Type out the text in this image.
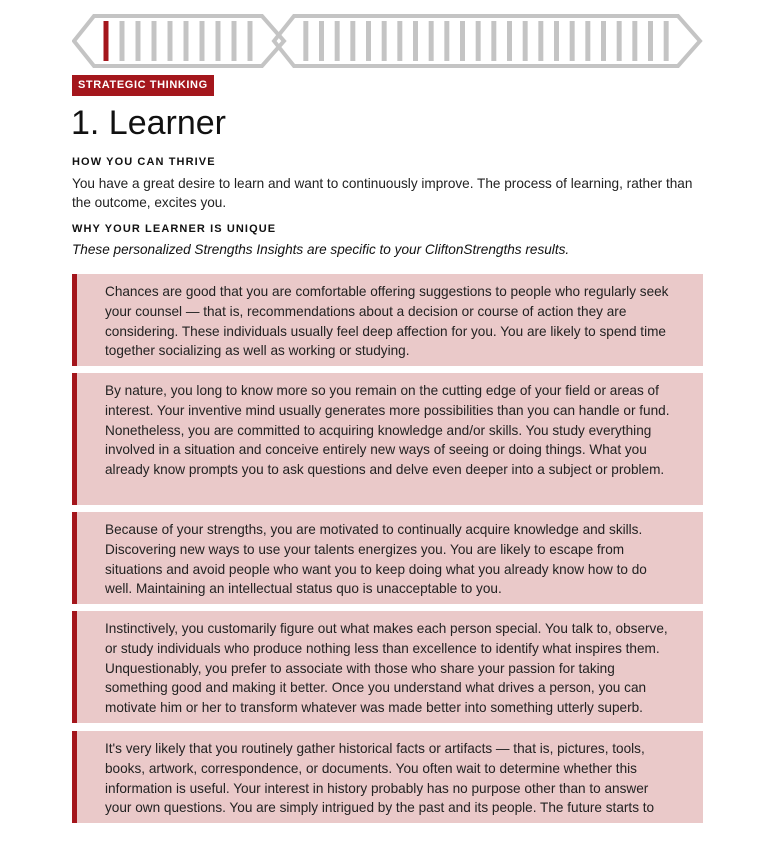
STRATEGIC THINKING
1. Learner
HOW YOU CAN THRIVE
You have a great desire to learn and want to continuously improve. The process of learning, rather than the outcome, excites you.
WHY YOUR LEARNER IS UNIQUE
These personalized Strengths Insights are specific to your CliftonStrengths results.

Chances are good that you are comfortable offering suggestions to people who regularly seek your counsel — that is, recommendations about a decision or course of action they are considering. These individuals usually feel deep affection for you. You are likely to spend time together socializing as well as working or studying.

By nature, you long to know more so you remain on the cutting edge of your field or areas of interest. Your inventive mind usually generates more possibilities than you can handle or fund. Nonetheless, you are committed to acquiring knowledge and/or skills. You study everything involved in a situation and conceive entirely new ways of seeing or doing things. What you already know prompts you to ask questions and delve even deeper into a subject or problem.

Because of your strengths, you are motivated to continually acquire knowledge and skills. Discovering new ways to use your talents energizes you. You are likely to escape from situations and avoid people who want you to keep doing what you already know how to do well. Maintaining an intellectual status quo is unacceptable to you.

Instinctively, you customarily figure out what makes each person special. You talk to, observe, or study individuals who produce nothing less than excellence to identify what inspires them. Unquestionably, you prefer to associate with those who share your passion for taking something good and making it better. Once you understand what drives a person, you can motivate him or her to transform whatever was made better into something utterly superb.

It's very likely that you routinely gather historical facts or artifacts — that is, pictures, tools, books, artwork, correspondence, or documents. You often wait to determine whether this information is useful. Your interest in history probably has no purpose other than to answer your own questions. You are simply intrigued by the past and its people. The future starts to
